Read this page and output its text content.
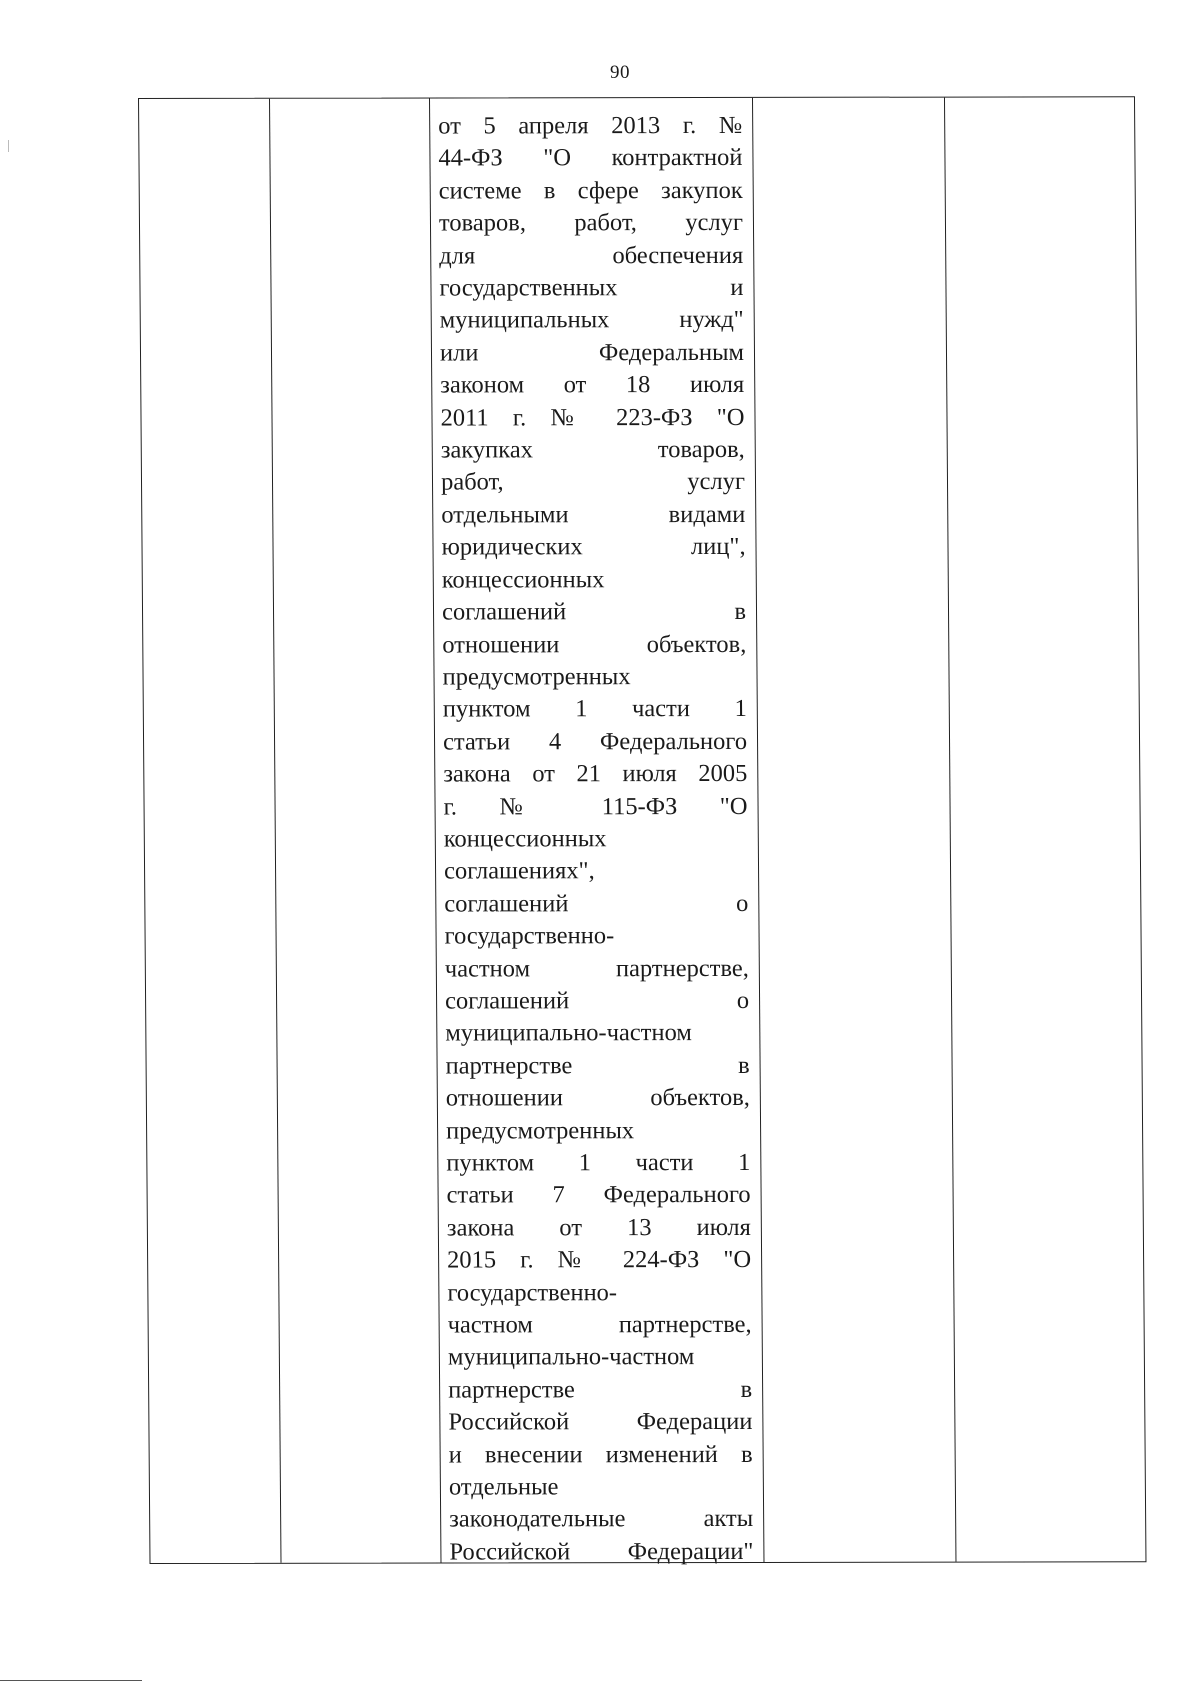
90
от 5 апреля 2013 г. №
44-ФЗ "О контрактной
системе в сфере закупок
товаров, работ, услуг
для обеспечения
государственных и
муниципальных нужд"
или Федеральным
законом от 18 июля
2011 г. № 223-ФЗ "О
закупках товаров,
работ, услуг
отдельными видами
юридических лиц",
концессионных
соглашений в
отношении объектов,
предусмотренных
пунктом 1 части 1
статьи 4 Федерального
закона от 21 июля 2005
г. № 115-ФЗ "О
концессионных
соглашениях",
соглашений о
государственно-
частном партнерстве,
соглашений о
муниципально-частном
партнерстве в
отношении объектов,
предусмотренных
пунктом 1 части 1
статьи 7 Федерального
закона от 13 июля
2015 г. № 224-ФЗ "О
государственно-
частном партнерстве,
муниципально-частном
партнерстве в
Российской Федерации
и внесении изменений в
отдельные
законодательные акты
Российской Федерации"
